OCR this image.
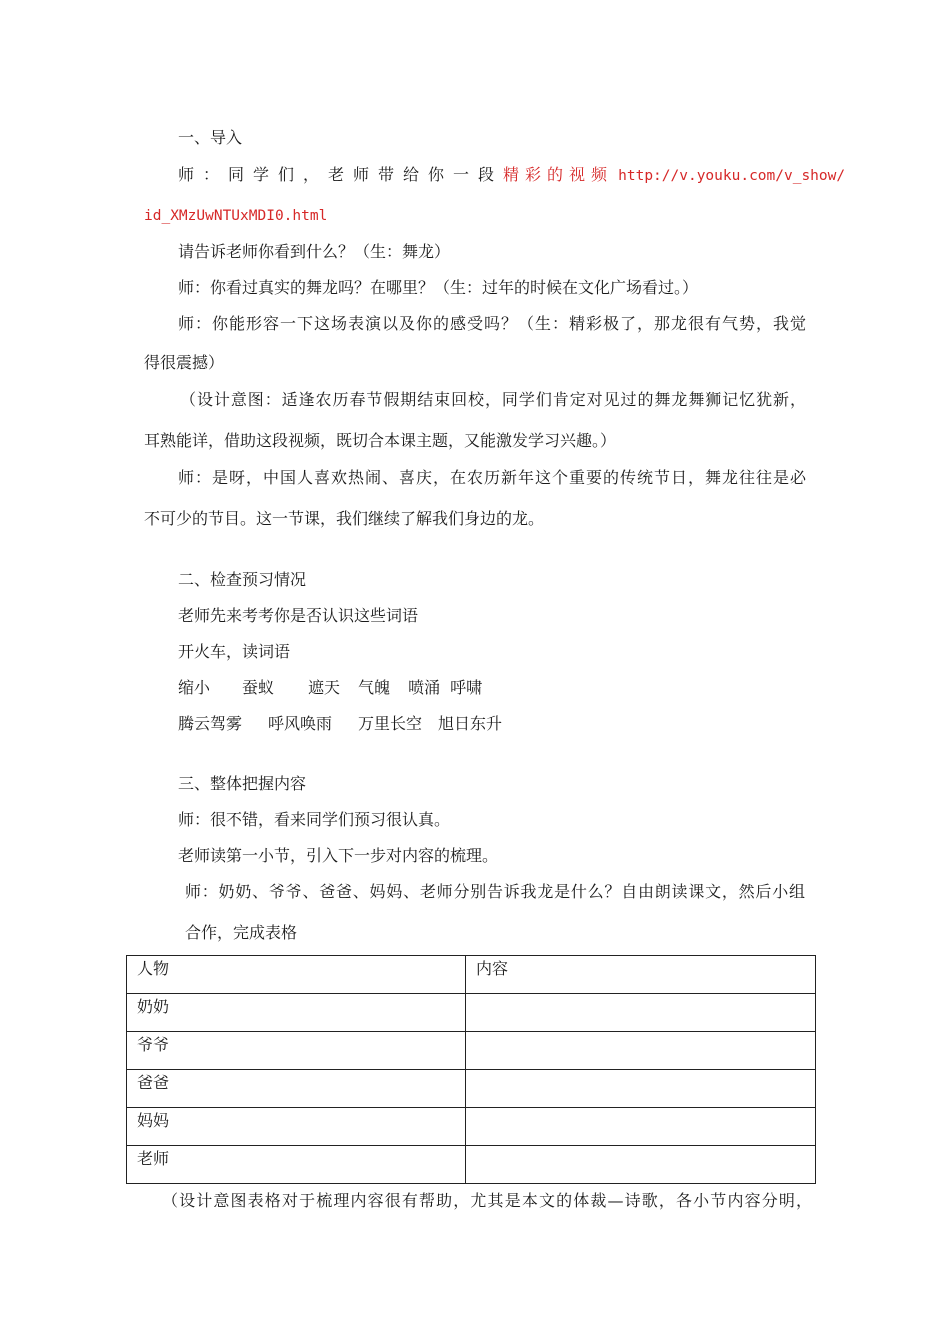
一、导入
师：同学们，老师带给你一段精彩的视频 http://v.youku.com/v_show/
id_XMzUwNTUxMDI0.html
请告诉老师你看到什么？（生：舞龙）
师：你看过真实的舞龙吗？在哪里？（生：过年的时候在文化广场看过。）
师：你能形容一下这场表演以及你的感受吗？（生：精彩极了，那龙很有气势，我觉
得很震撼）
（设计意图：适逢农历春节假期结束回校，同学们肯定对见过的舞龙舞狮记忆犹新，
耳熟能详，借助这段视频，既切合本课主题，又能激发学习兴趣。）
师：是呀，中国人喜欢热闹、喜庆，在农历新年这个重要的传统节日，舞龙往往是必
不可少的节目。这一节课，我们继续了解我们身边的龙。
二、检查预习情况
老师先来考考你是否认识这些词语
开火车，读词语
缩小 蚕蚁 遮天 气魄 喷涌 呼啸
腾云驾雾 呼风唤雨 万里长空 旭日东升
三、整体把握内容
师：很不错，看来同学们预习很认真。
老师读第一小节，引入下一步对内容的梳理。
师：奶奶、爷爷、爸爸、妈妈、老师分别告诉我龙是什么？自由朗读课文，然后小组
合作，完成表格
人物	内容
奶奶	
爷爷	
爸爸	
妈妈	
老师	
（设计意图表格对于梳理内容很有帮助，尤其是本文的体裁—诗歌，各小节内容分明，
